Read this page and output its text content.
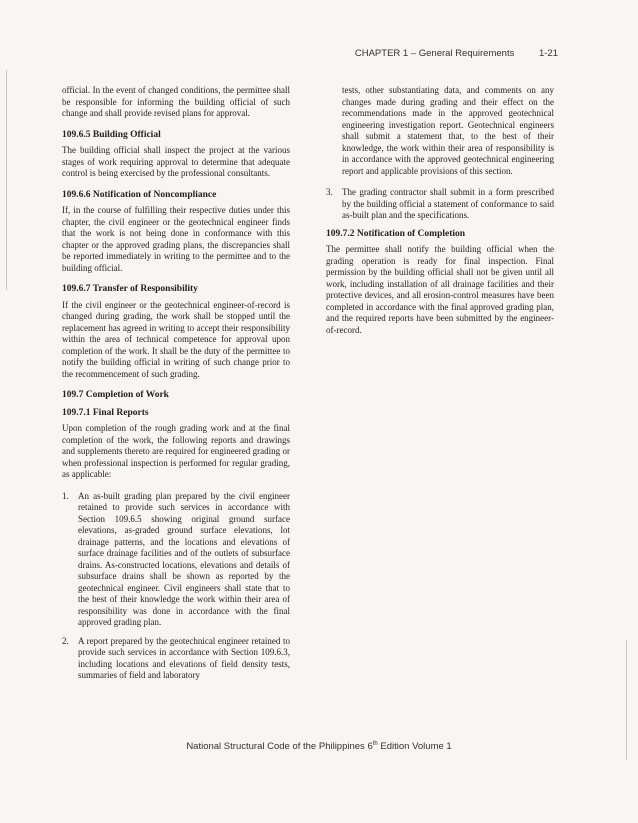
CHAPTER 1 – General Requirements	1-21

official. In the event of changed conditions, the permittee shall be responsible for informing the building official of such change and shall provide revised plans for approval.

109.6.5 Building Official

The building official shall inspect the project at the various stages of work requiring approval to determine that adequate control is being exercised by the professional consultants.

109.6.6 Notification of Noncompliance

If, in the course of fulfilling their respective duties under this chapter, the civil engineer or the geotechnical engineer finds that the work is not being done in conformance with this chapter or the approved grading plans, the discrepancies shall be reported immediately in writing to the permittee and to the building official.

109.6.7 Transfer of Responsibility

If the civil engineer or the geotechnical engineer-of-record is changed during grading, the work shall be stopped until the replacement has agreed in writing to accept their responsibility within the area of technical competence for approval upon completion of the work. It shall be the duty of the permittee to notify the building official in writing of such change prior to the recommencement of such grading.

109.7 Completion of Work
109.7.1 Final Reports

Upon completion of the rough grading work and at the final completion of the work, the following reports and drawings and supplements thereto are required for engineered grading or when professional inspection is performed for regular grading, as applicable:

1.	An as-built grading plan prepared by the civil engineer retained to provide such services in accordance with Section 109.6.5 showing original ground surface elevations, as-graded ground surface elevations, lot drainage patterns, and the locations and elevations of surface drainage facilities and of the outlets of subsurface drains. As-constructed locations, elevations and details of subsurface drains shall be shown as reported by the geotechnical engineer. Civil engineers shall state that to the best of their knowledge the work within their area of responsibility was done in accordance with the final approved grading plan.
2.	A report prepared by the geotechnical engineer retained to provide such services in accordance with Section 109.6.3, including locations and elevations of field density tests, summaries of field and laboratory

tests, other substantiating data, and comments on any changes made during grading and their effect on the recommendations made in the approved geotechnical engineering investigation report. Geotechnical engineers shall submit a statement that, to the best of their knowledge, the work within their area of responsibility is in accordance with the approved geotechnical engineering report and applicable provisions of this section.

3.	The grading contractor shall submit in a form prescribed by the building official a statement of conformance to said as-built plan and the specifications.
109.7.2 Notification of Completion

The permittee shall notify the building official when the grading operation is ready for final inspection. Final permission by the building official shall not be given until all work, including installation of all drainage facilities and their protective devices, and all erosion-control measures have been completed in accordance with the final approved grading plan, and the required reports have been submitted by the engineer-of-record.

National Structural Code of the Philippines 6th Edition Volume 1
